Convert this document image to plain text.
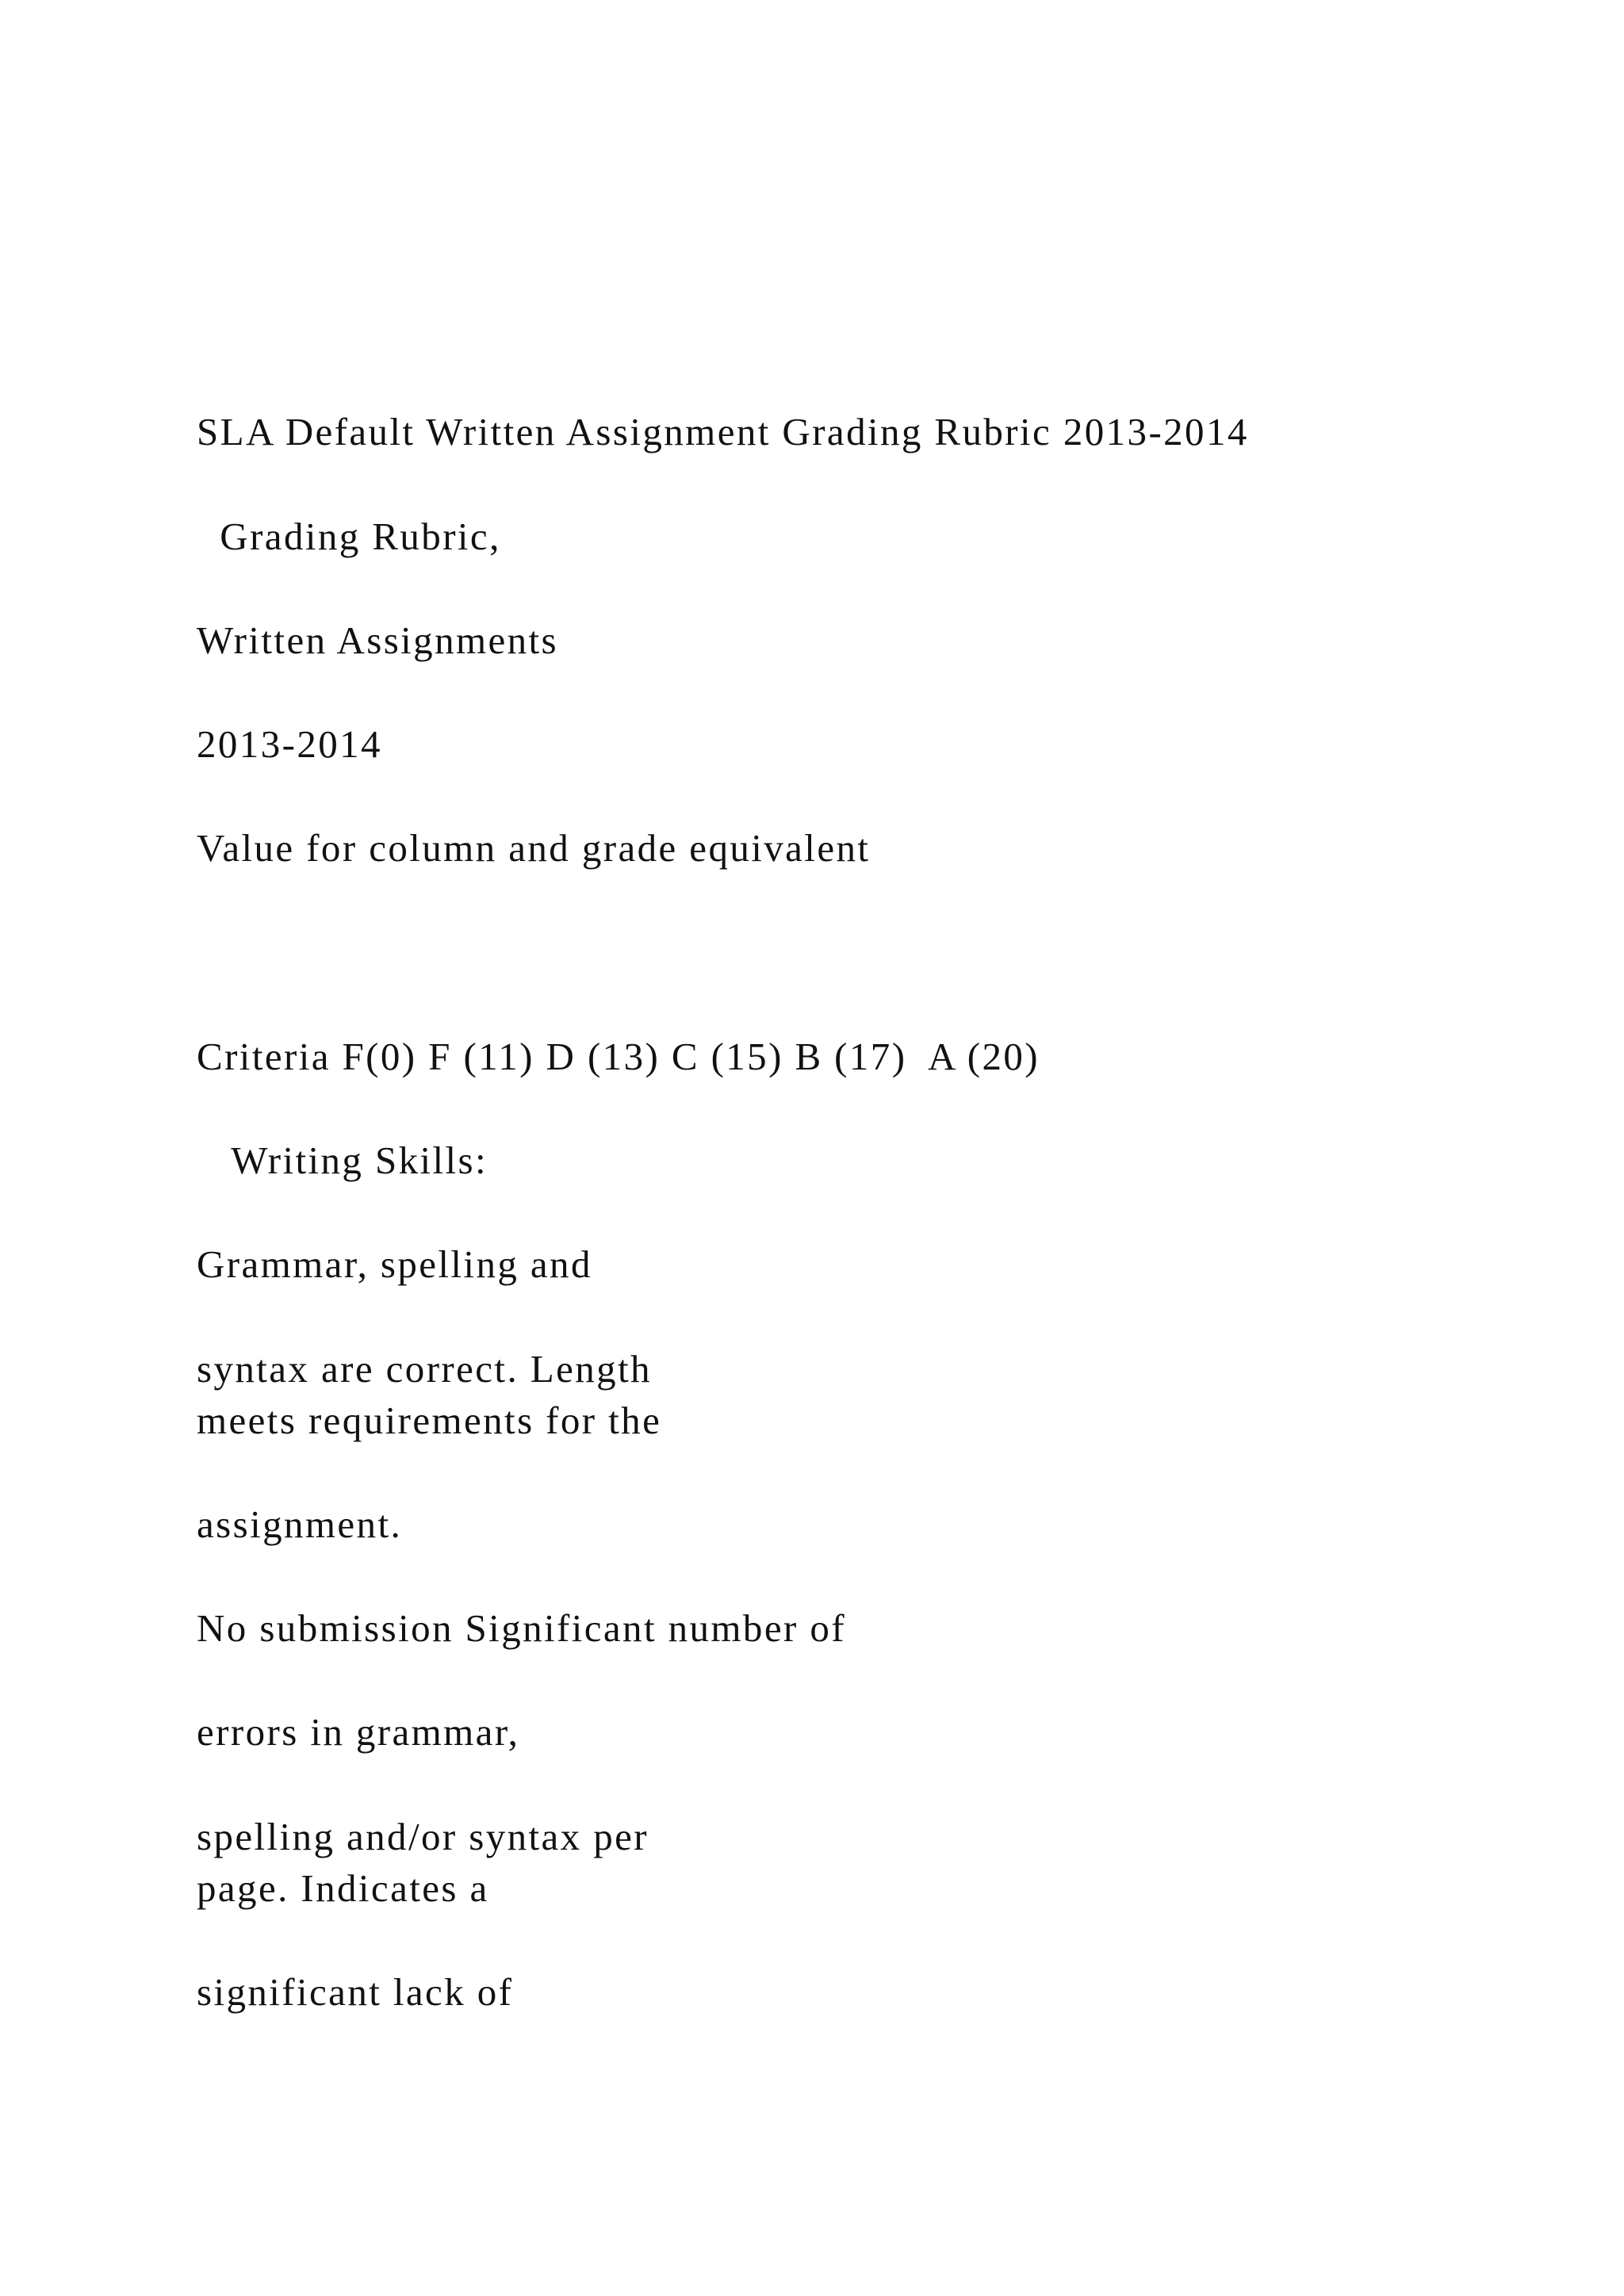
SLA Default Written Assignment Grading Rubric 2013-2014

Grading Rubric,

Written Assignments

2013-2014

Value for column and grade equivalent

Criteria F(0) F (11) D (13) C (15) B (17)  A (20)

Writing Skills:

Grammar, spelling and

syntax are correct. Length

meets requirements for the

assignment.

No submission Significant number of

errors in grammar,

spelling and/or syntax per

page. Indicates a

significant lack of
